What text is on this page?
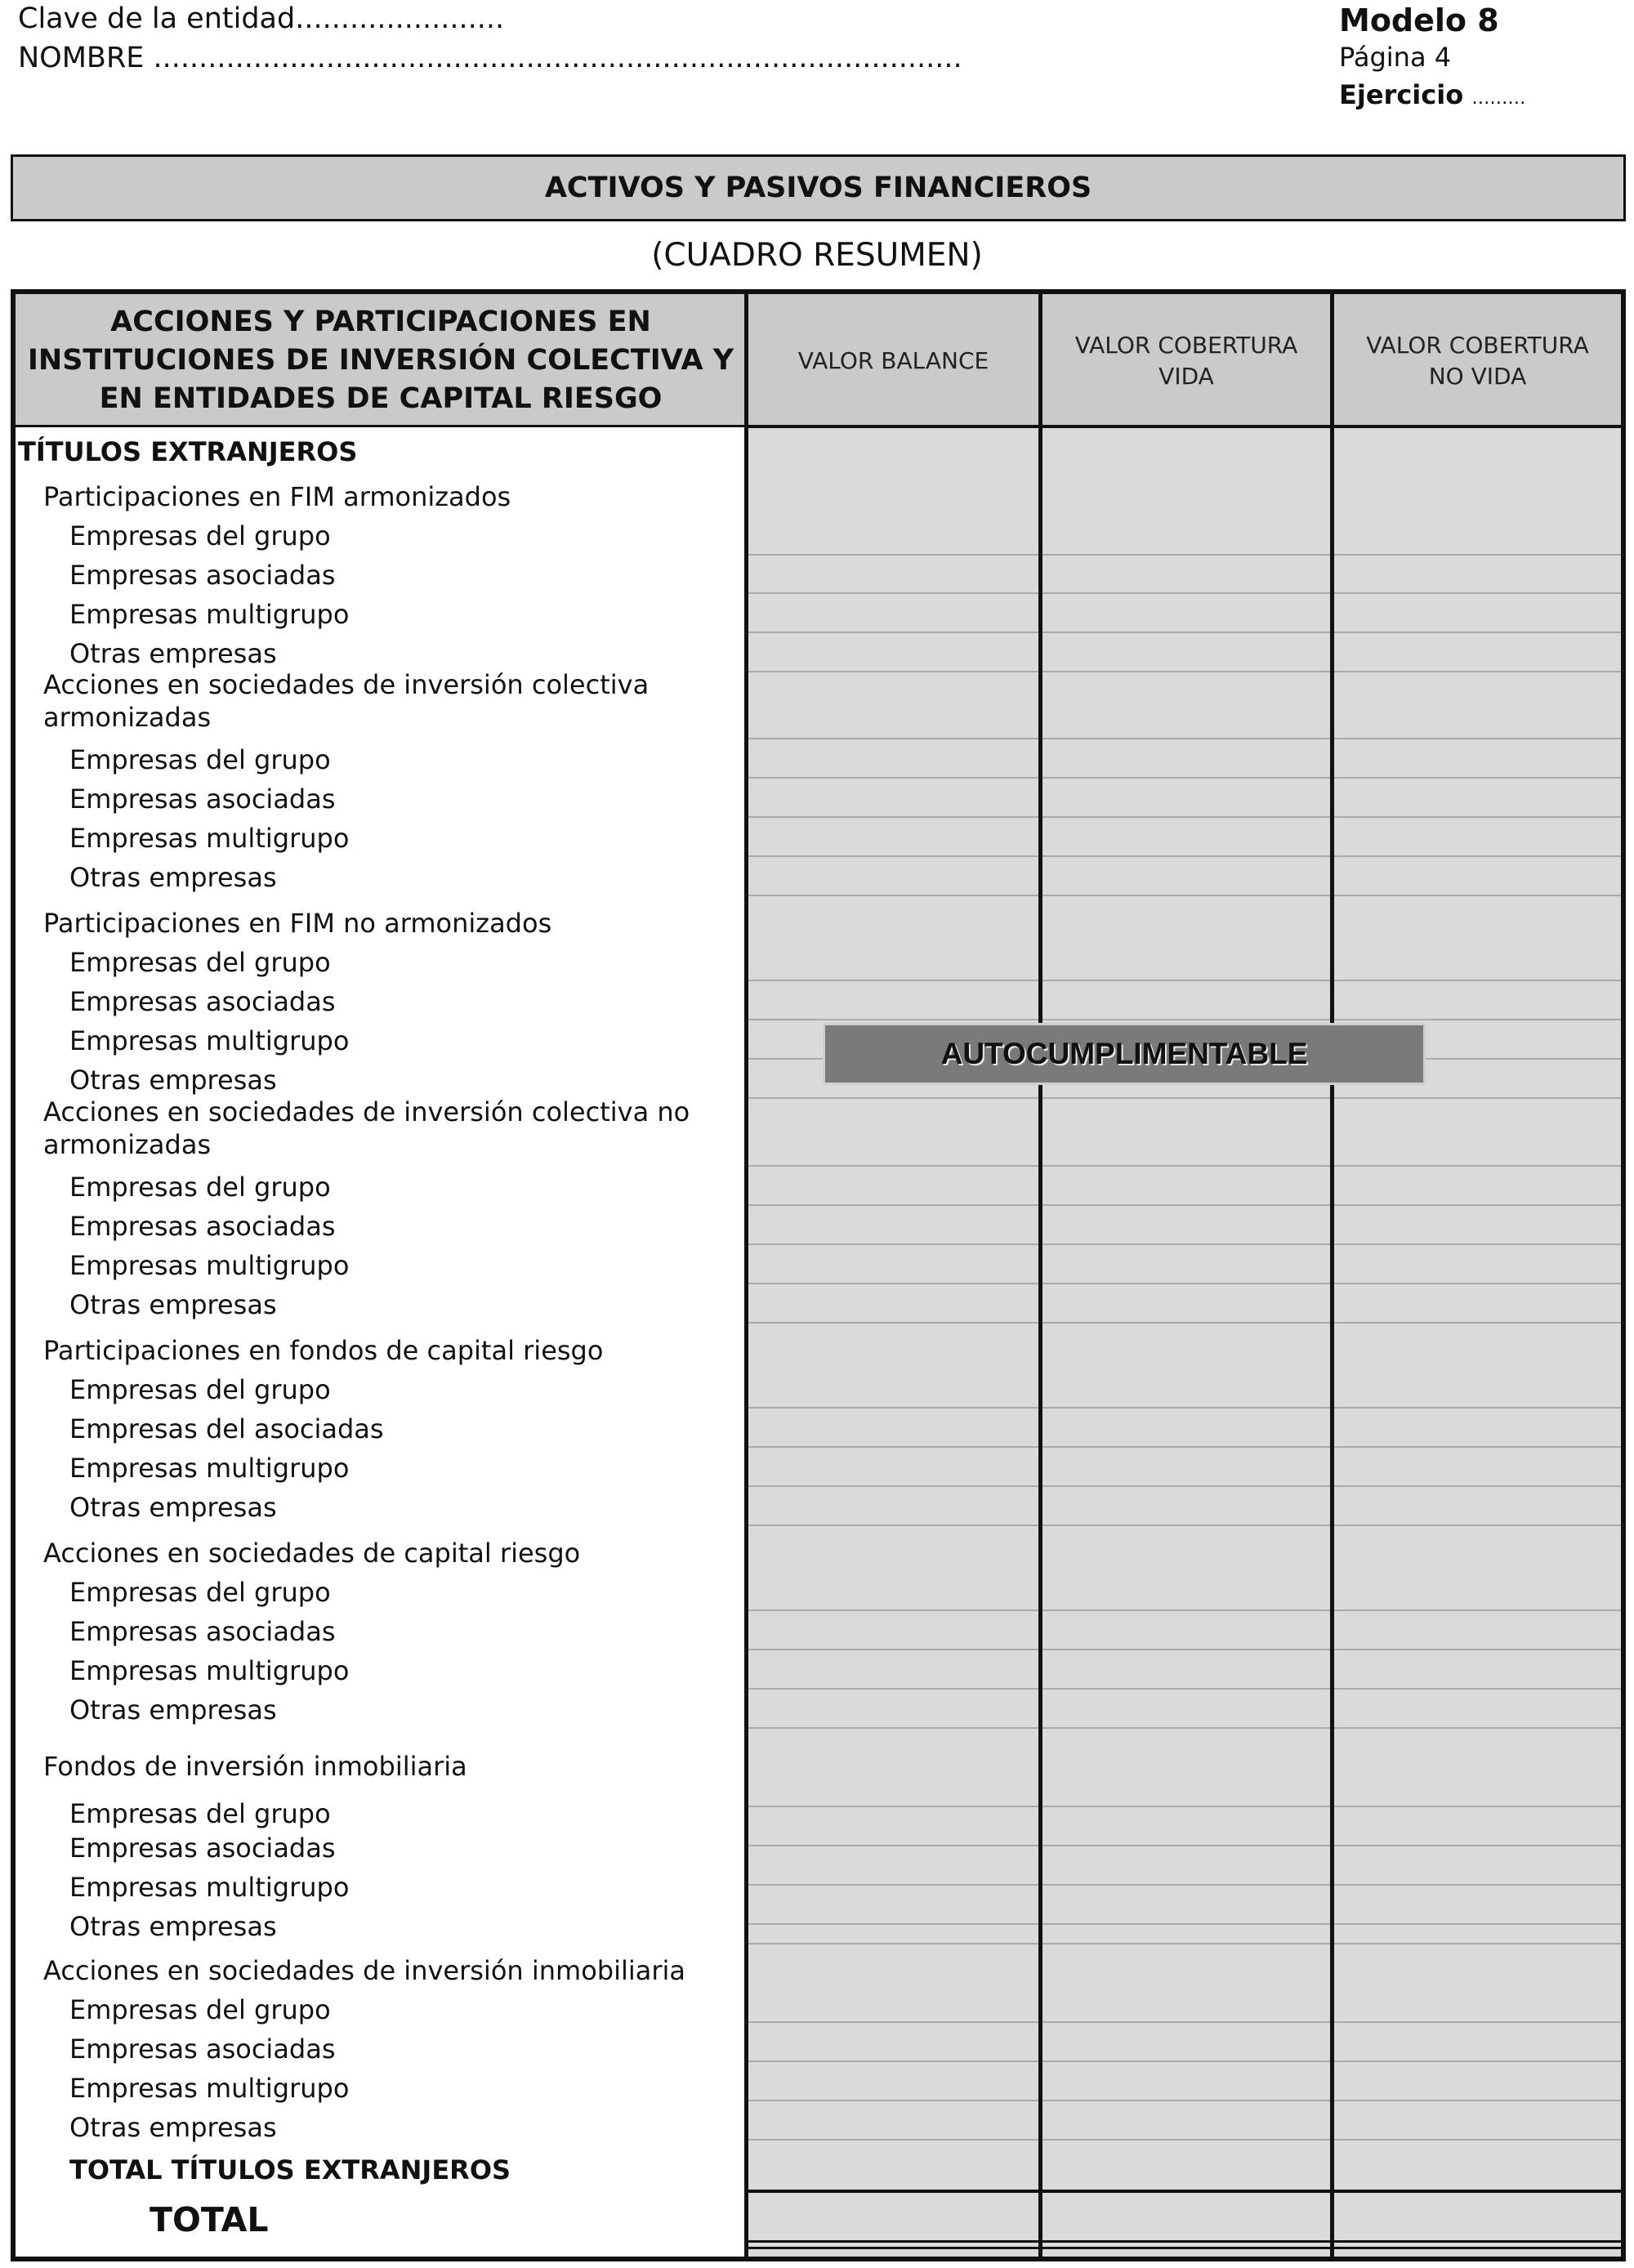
Clave de la entidad.......................
NOMBRE .........................................................................................
Modelo 8
Página 4
Ejercicio ………
ACTIVOS Y PASIVOS FINANCIEROS
(CUADRO RESUMEN)
ACCIONES Y PARTICIPACIONES EN INSTITUCIONES DE INVERSIÓN COLECTIVA Y EN ENTIDADES DE CAPITAL RIESGO
VALOR BALANCE
VALOR COBERTURA VIDA
VALOR COBERTURA NO VIDA
TÍTULOS EXTRANJEROS
Participaciones en FIM armonizados
Empresas del grupo
Empresas asociadas
Empresas multigrupo
Otras empresas
Acciones en sociedades de inversión colectiva
armonizadas
Empresas del grupo
Empresas asociadas
Empresas multigrupo
Otras empresas
Participaciones en FIM no armonizados
Empresas del grupo
Empresas asociadas
Empresas multigrupo
Otras empresas
Acciones en sociedades de inversión colectiva no
armonizadas
Empresas del grupo
Empresas asociadas
Empresas multigrupo
Otras empresas
Participaciones en fondos de capital riesgo
Empresas del grupo
Empresas del asociadas
Empresas multigrupo
Otras empresas
Acciones en sociedades de capital riesgo
Empresas del grupo
Empresas asociadas
Empresas multigrupo
Otras empresas
Fondos de inversión inmobiliaria
Empresas del grupo
Empresas asociadas
Empresas multigrupo
Otras empresas
Acciones en sociedades de inversión inmobiliaria
Empresas del grupo
Empresas asociadas
Empresas multigrupo
Otras empresas
TOTAL TÍTULOS EXTRANJEROS
TOTAL
AUTOCUMPLIMENTABLE
